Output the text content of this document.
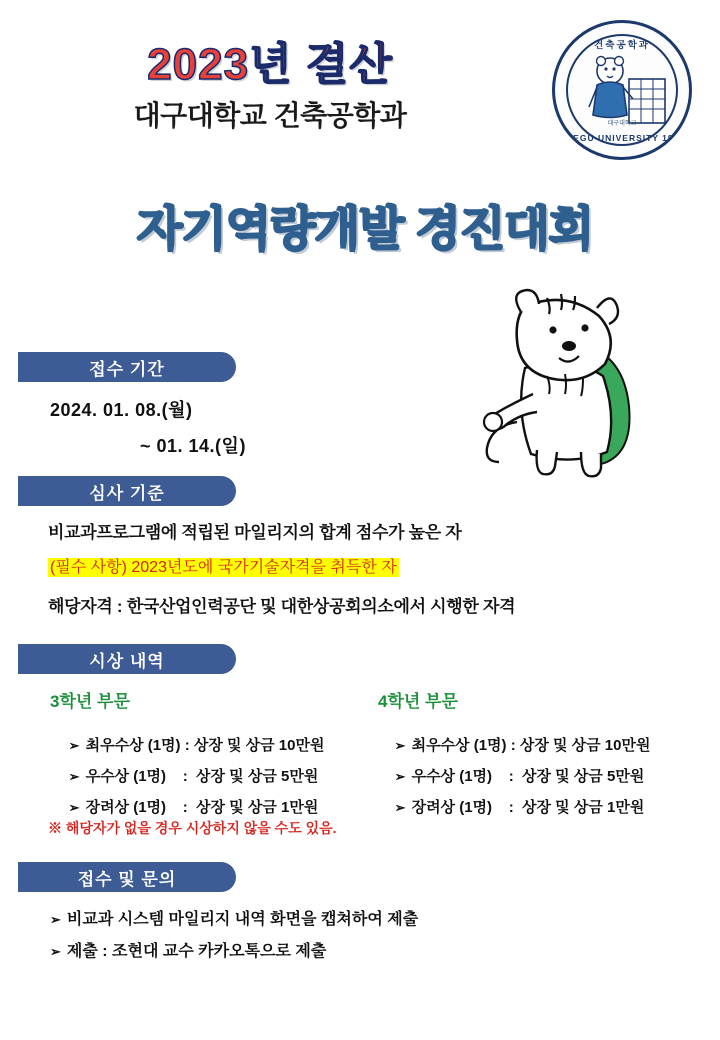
2023년 결산
대구대학교 건축공학과
자기역량개발 경진대회
건축공학과
대구대학교
DAEGU UNIVERSITY 1956
접수 기간
2024. 01. 08.(월)
~ 01. 14.(일)
심사 기준
비교과프로그램에 적립된 마일리지의 합계 점수가 높은 자
(필수 사항) 2023년도에 국가기술자격을 취득한 자
해당자격 : 한국산업인력공단 및 대한상공회의소에서 시행한 자격
시상 내역
3학년 부문

➢ 최우수상 (1명) : 상장 및 상금 10만원

➢ 우수상 (1명)    :  상장 및 상금 5만원

➢ 장려상 (1명)    :  상장 및 상금 1만원

4학년 부문

➢ 최우수상 (1명) : 상장 및 상금 10만원

➢ 우수상 (1명)    :  상장 및 상금 5만원

➢ 장려상 (1명)    :  상장 및 상금 1만원

※ 해당자가 없을 경우 시상하지 않을 수도 있음.
접수 및 문의
➢ 비교과 시스템 마일리지 내역 화면을 캡쳐하여 제출
➢ 제출 : 조현대 교수 카카오톡으로 제출
